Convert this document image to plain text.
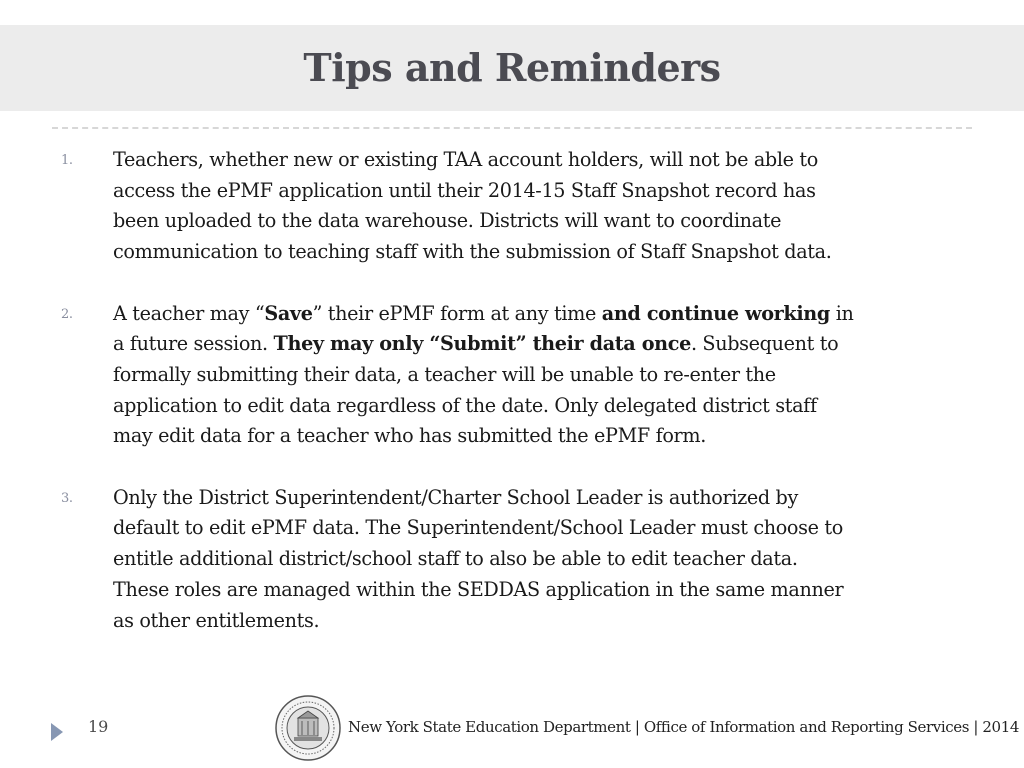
Tips and Reminders
1. Teachers, whether new or existing TAA account holders, will not be able to
access the ePMF application until their 2014-15 Staff Snapshot record has
been uploaded to the data warehouse. Districts will want to coordinate
communication to teaching staff with the submission of Staff Snapshot data.
2. A teacher may “Save” their ePMF form at any time and continue working in
a future session. They may only “Submit” their data once. Subsequent to
formally submitting their data, a teacher will be unable to re-enter the
application to edit data regardless of the date. Only delegated district staff
may edit data for a teacher who has submitted the ePMF form.
3. Only the District Superintendent/Charter School Leader is authorized by
default to edit ePMF data. The Superintendent/School Leader must choose to
entitle additional district/school staff to also be able to edit teacher data.
These roles are managed within the SEDDAS application in the same manner
as other entitlements.
19	New York State Education Department | Office of Information and Reporting Services | 2014
